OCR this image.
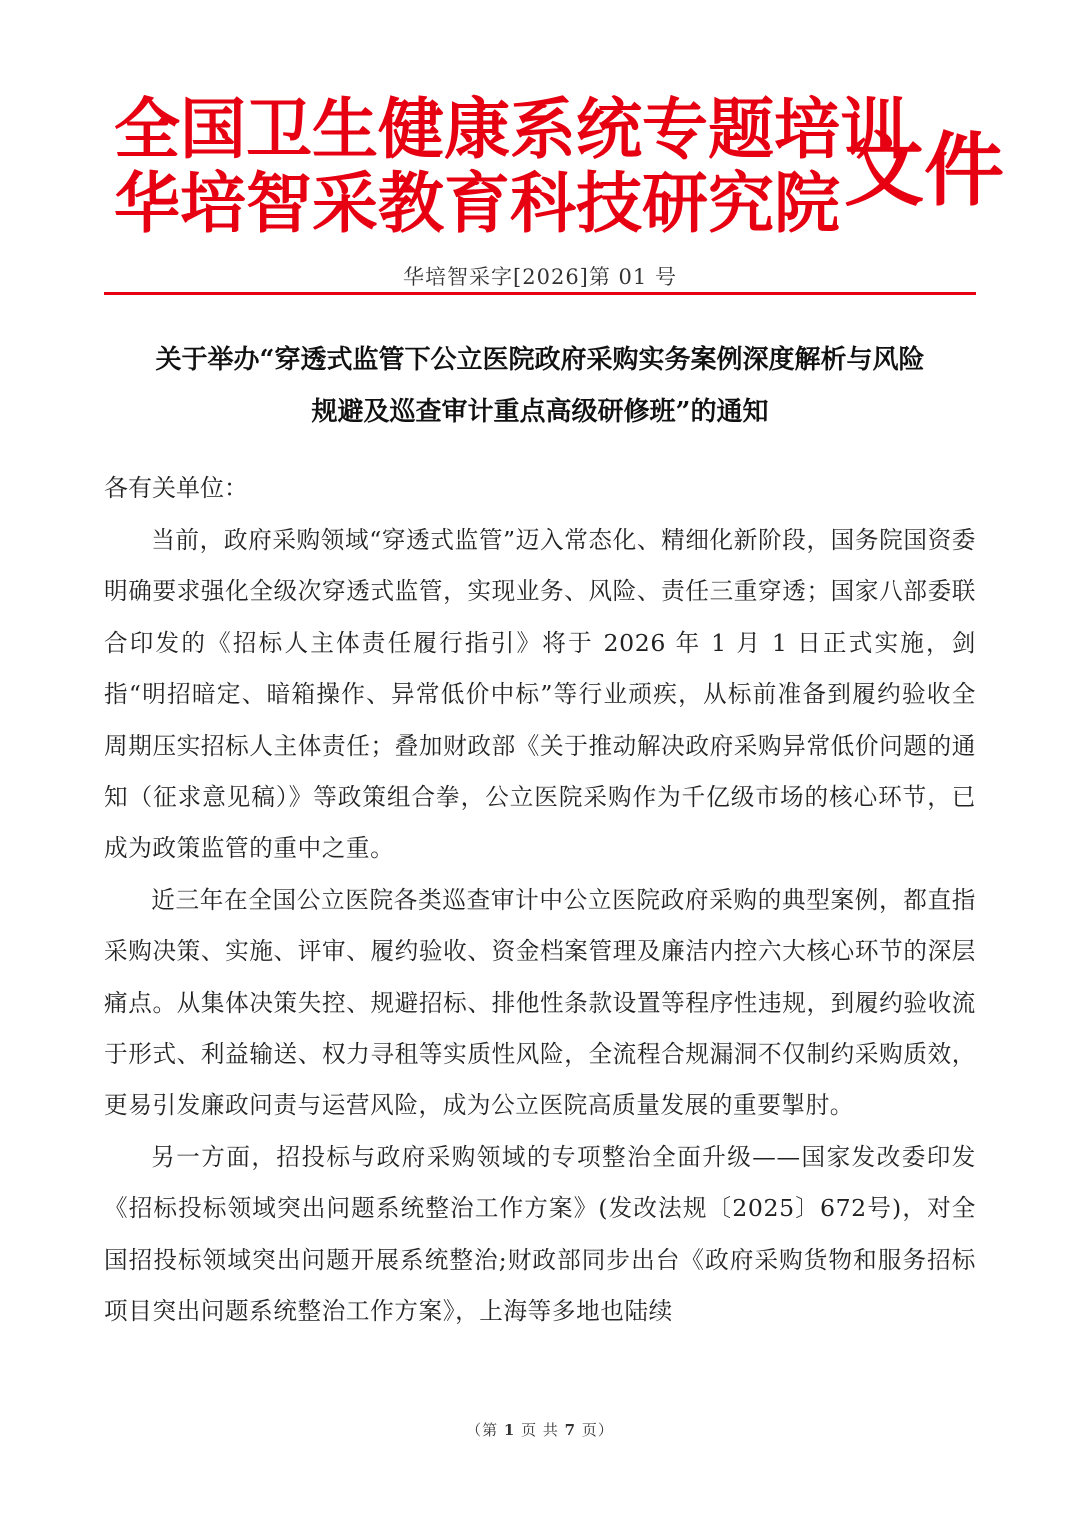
全国卫生健康系统专题培训
华培智采教育科技研究院 文件
华培智采字[2026]第 01 号
关于举办“穿透式监管下公立医院政府采购实务案例深度解析与风险
规避及巡查审计重点高级研修班”的通知
各有关单位：

当前，政府采购领域“穿透式监管”迈入常态化、精细化新阶段，国务院国资委明确要求强化全级次穿透式监管，实现业务、风险、责任三重穿透；国家八部委联合印发的《招标人主体责任履行指引》将于 2026 年 1 月 1 日正式实施，剑指“明招暗定、暗箱操作、异常低价中标”等行业顽疾，从标前准备到履约验收全周期压实招标人主体责任；叠加财政部《关于推动解决政府采购异常低价问题的通知（征求意见稿）》等政策组合拳，公立医院采购作为千亿级市场的核心环节，已成为政策监管的重中之重。

近三年在全国公立医院各类巡查审计中公立医院政府采购的典型案例，都直指采购决策、实施、评审、履约验收、资金档案管理及廉洁内控六大核心环节的深层痛点。从集体决策失控、规避招标、排他性条款设置等程序性违规，到履约验收流于形式、利益输送、权力寻租等实质性风险，全流程合规漏洞不仅制约采购质效，更易引发廉政问责与运营风险，成为公立医院高质量发展的重要掣肘。

另一方面，招投标与政府采购领域的专项整治全面升级——国家发改委印发《招标投标领域突出问题系统整治工作方案》(发改法规〔2025〕672号)，对全国招投标领域突出问题开展系统整治;财政部同步出台《政府采购货物和服务招标项目突出问题系统整治工作方案》，上海等多地也陆续

（第 1 页 共 7 页）
